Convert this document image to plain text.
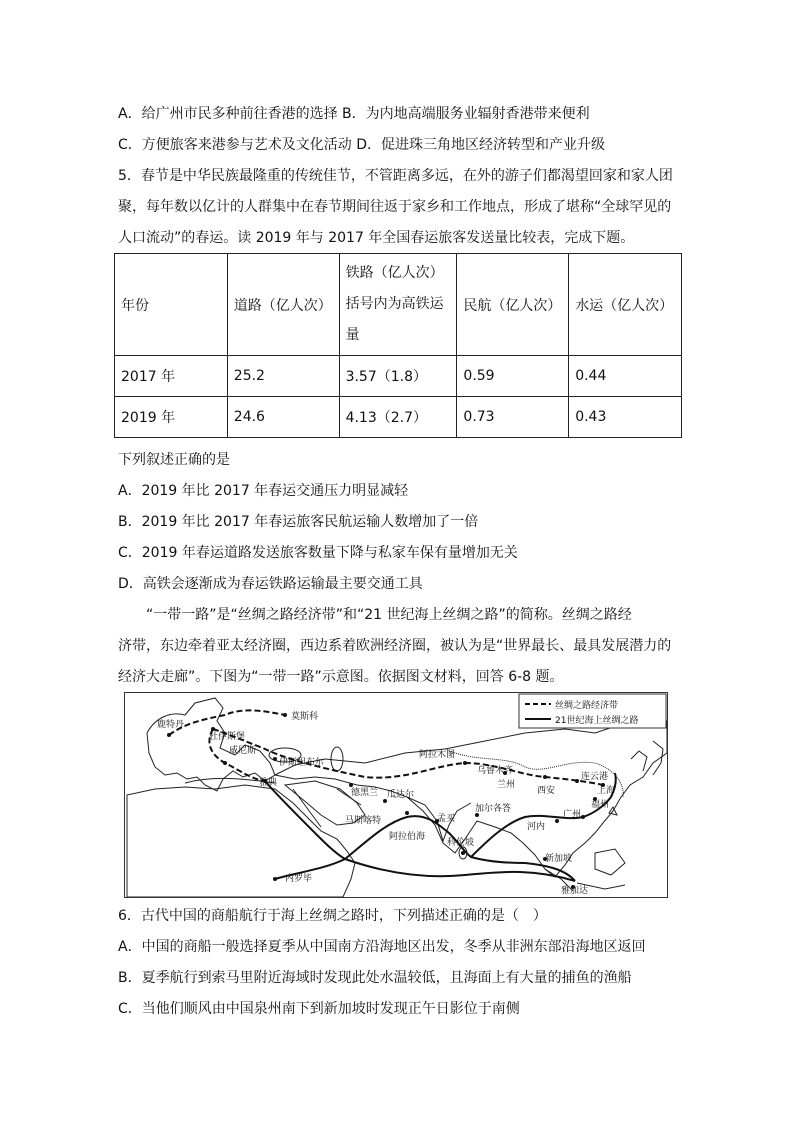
A．给广州市民多种前往香港的选择 B．为内地高端服务业辐射香港带来便利
C．方便旅客来港参与艺术及文化活动 D．促进珠三角地区经济转型和产业升级
5．春节是中华民族最隆重的传统佳节，不管距离多远，在外的游子们都渴望回家和家人团
聚，每年数以亿计的人群集中在春节期间往返于家乡和工作地点，形成了堪称“全球罕见的
人口流动”的春运。读 2019 年与 2017 年全国春运旅客发送量比较表，完成下题。
年份	道路（亿人次）	铁路（亿人次）
括号内为高铁运
量	民航（亿人次）	水运（亿人次）
2017 年	25.2	3.57（1.8）	0.59	0.44
2019 年	24.6	4.13（2.7）	0.73	0.43
下列叙述正确的是
A．2019 年比 2017 年春运交通压力明显减轻
B．2019 年比 2017 年春运旅客民航运输人数增加了一倍
C．2019 年春运道路发送旅客数量下降与私家车保有量增加无关
D．高铁会逐渐成为春运铁路运输最主要交通工具
“一带一路”是“丝绸之路经济带”和“21 世纪海上丝绸之路”的简称。丝绸之路经
济带，东边牵着亚太经济圈，西边系着欧洲经济圈，被认为是“世界最长、最具发展潜力的
经济大走廊”。下图为“一带一路”示意图。依据图文材料，回答 6-8 题。
丝绸之路经济带
21世纪海上丝绸之路
鹿特丹
莫斯科
杜伊斯堡
威尼斯
伊斯坦布尔
雅典
德黑兰
阿拉木图
乌鲁木齐
兰州
西安
连云港
上海
福州
广州
河内
瓜达尔
马斯喀特	孟买
加尔各答
科伦坡
阿拉伯海
新加坡
雅加达
内罗毕
6．古代中国的商船航行于海上丝绸之路时，下列描述正确的是（　）
A．中国的商船一般选择夏季从中国南方沿海地区出发，冬季从非洲东部沿海地区返回
B．夏季航行到索马里附近海域时发现此处水温较低，且海面上有大量的捕鱼的渔船
C．当他们顺风由中国泉州南下到新加坡时发现正午日影位于南侧
